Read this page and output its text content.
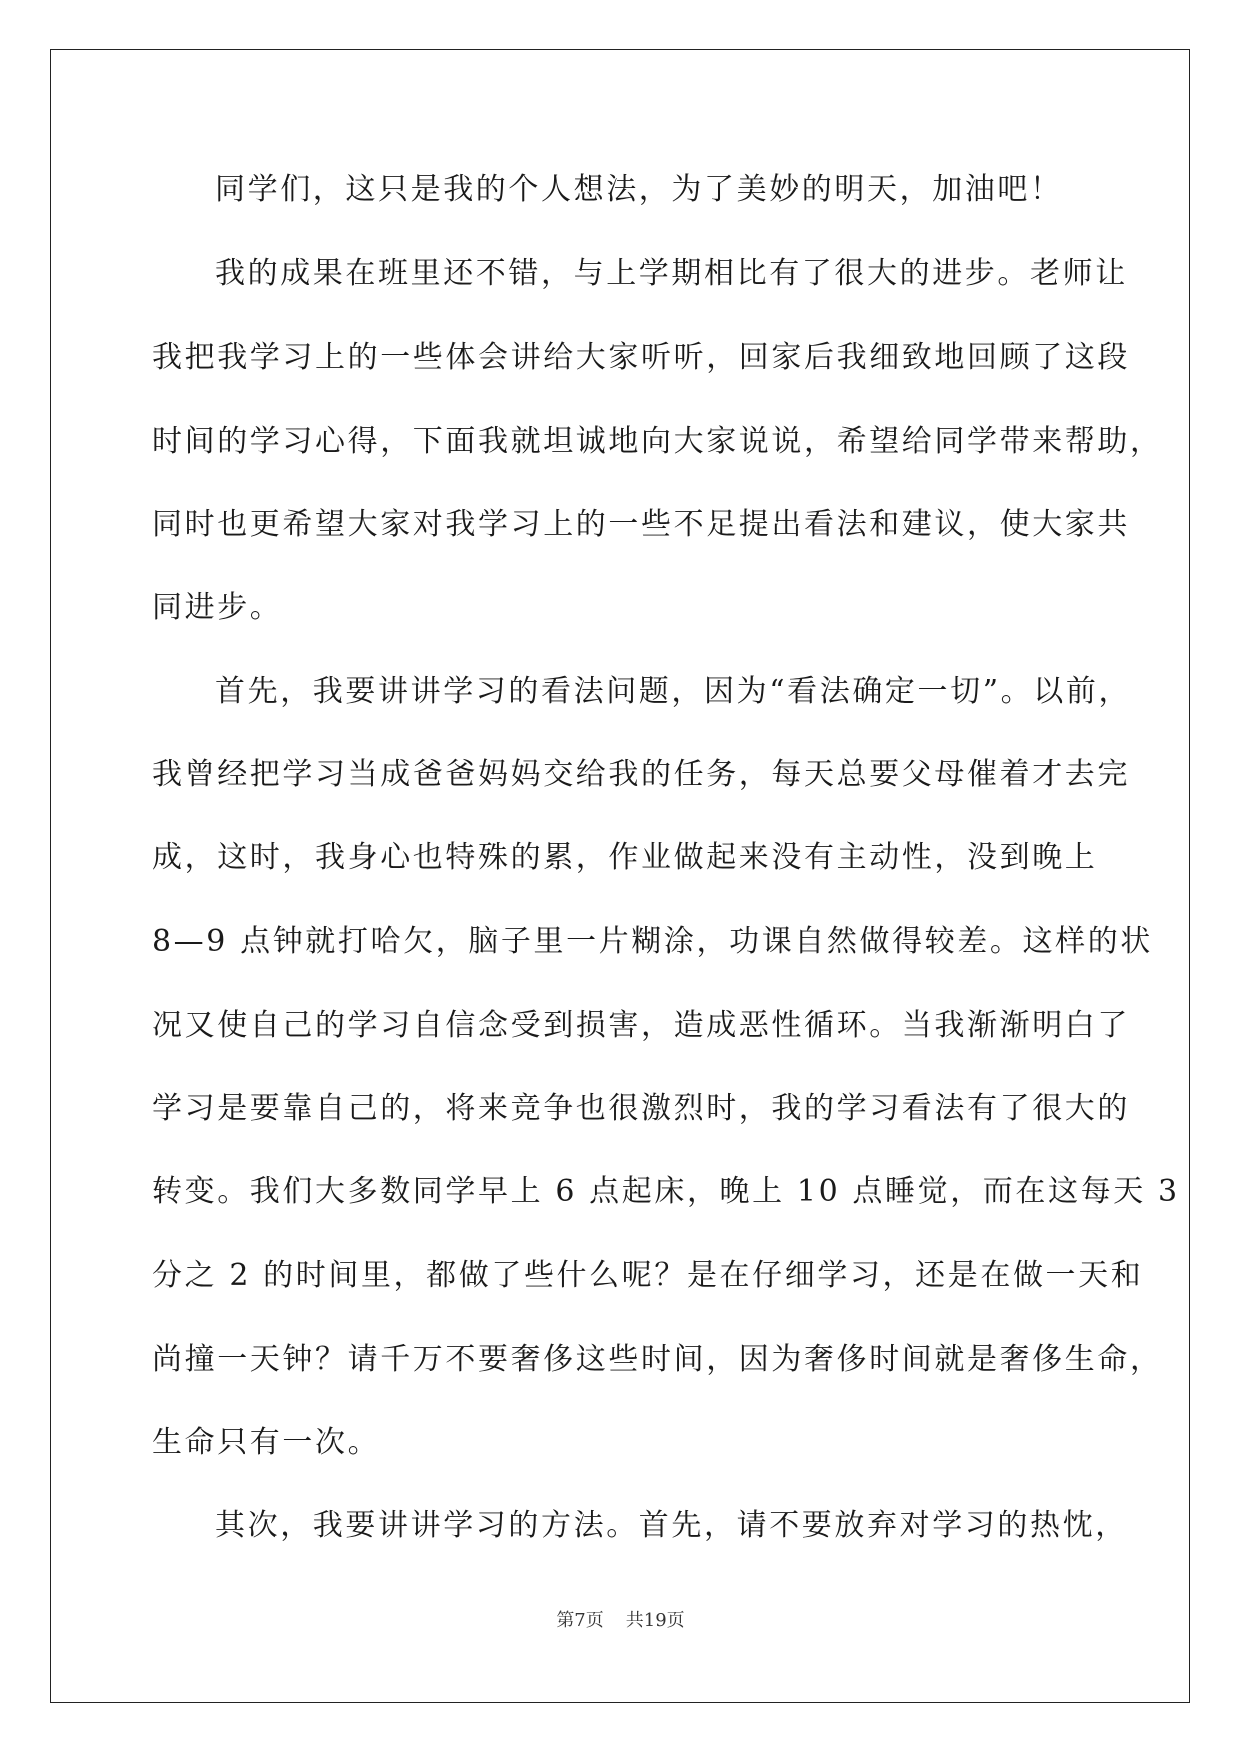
同学们，这只是我的个人想法，为了美妙的明天，加油吧！
我的成果在班里还不错，与上学期相比有了很大的进步。老师让
我把我学习上的一些体会讲给大家听听，回家后我细致地回顾了这段
时间的学习心得，下面我就坦诚地向大家说说，希望给同学带来帮助，
同时也更希望大家对我学习上的一些不足提出看法和建议，使大家共
同进步。
首先，我要讲讲学习的看法问题，因为“看法确定一切”。以前，
我曾经把学习当成爸爸妈妈交给我的任务，每天总要父母催着才去完
成，这时，我身心也特殊的累，作业做起来没有主动性，没到晚上
8—9 点钟就打哈欠，脑子里一片糊涂，功课自然做得较差。这样的状
况又使自己的学习自信念受到损害，造成恶性循环。当我渐渐明白了
学习是要靠自己的，将来竞争也很激烈时，我的学习看法有了很大的
转变。我们大多数同学早上 6 点起床，晚上 10 点睡觉，而在这每天 3
分之 2 的时间里，都做了些什么呢？是在仔细学习，还是在做一天和
尚撞一天钟？请千万不要奢侈这些时间，因为奢侈时间就是奢侈生命，
生命只有一次。
其次，我要讲讲学习的方法。首先，请不要放弃对学习的热忱，
第7页 共19页
